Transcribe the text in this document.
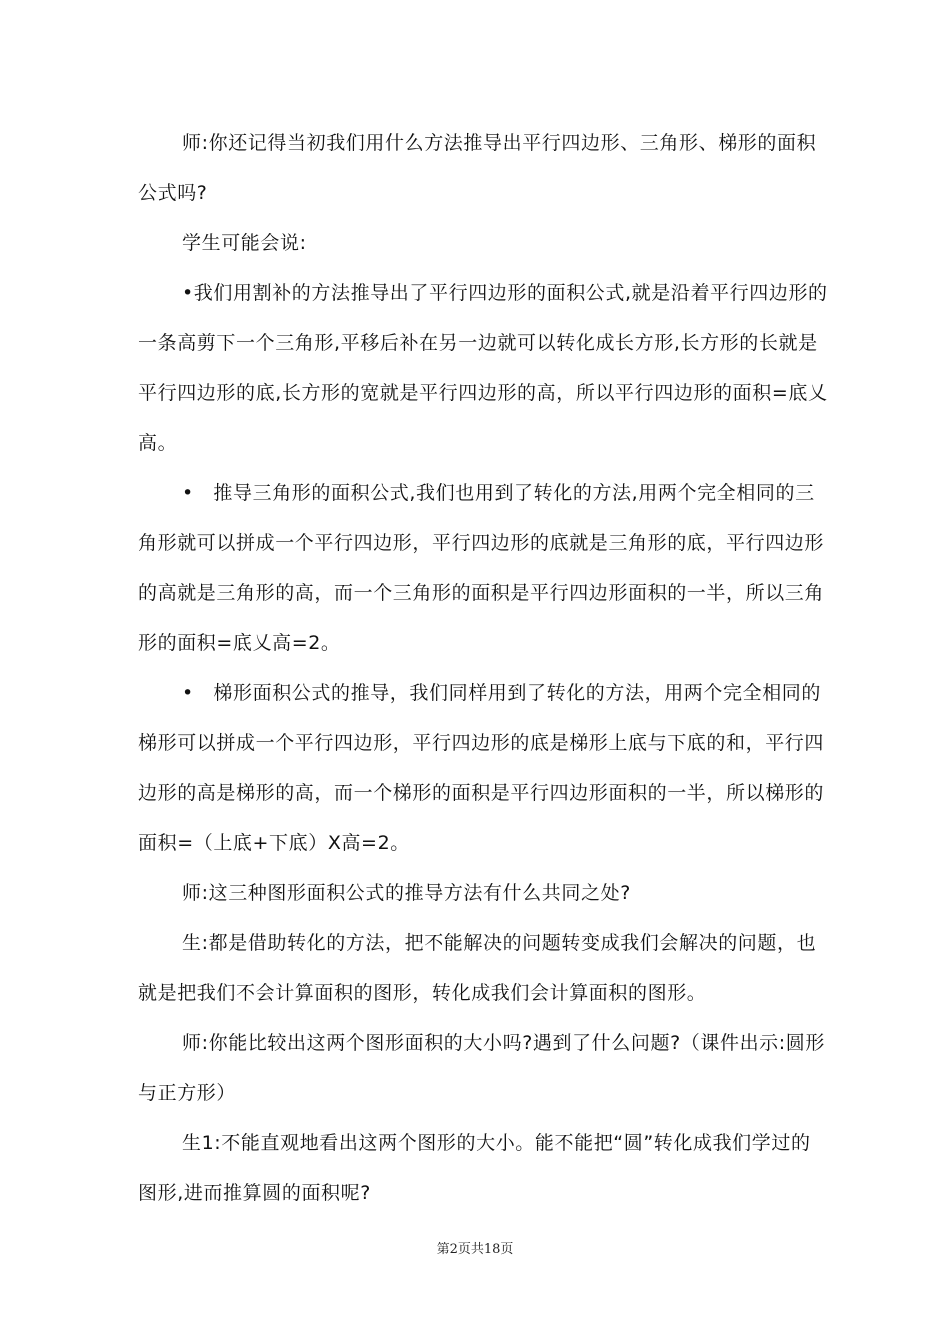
师:你还记得当初我们用什么方法推导出平行四边形、三角形、梯形的面积公式吗?

学生可能会说:

•我们用割补的方法推导出了平行四边形的面积公式,就是沿着平行四边形的一条高剪下一个三角形,平移后补在另一边就可以转化成长方形,长方形的长就是平行四边形的底,长方形的宽就是平行四边形的高，所以平行四边形的面积=底乂高。

•　推导三角形的面积公式,我们也用到了转化的方法,用两个完全相同的三角形就可以拼成一个平行四边形，平行四边形的底就是三角形的底，平行四边形的高就是三角形的高，而一个三角形的面积是平行四边形面积的一半，所以三角形的面积=底乂高=2。

•　梯形面积公式的推导，我们同样用到了转化的方法，用两个完全相同的梯形可以拼成一个平行四边形，平行四边形的底是梯形上底与下底的和，平行四边形的高是梯形的高，而一个梯形的面积是平行四边形面积的一半，所以梯形的面积=（上底+下底）X高=2。

师:这三种图形面积公式的推导方法有什么共同之处?

生:都是借助转化的方法，把不能解决的问题转变成我们会解决的问题，也就是把我们不会计算面积的图形，转化成我们会计算面积的图形。

师:你能比较出这两个图形面积的大小吗?遇到了什么问题?（课件出示:圆形与正方形）

生1:不能直观地看出这两个图形的大小。能不能把“圆”转化成我们学过的图形,进而推算圆的面积呢?

第2页共18页
